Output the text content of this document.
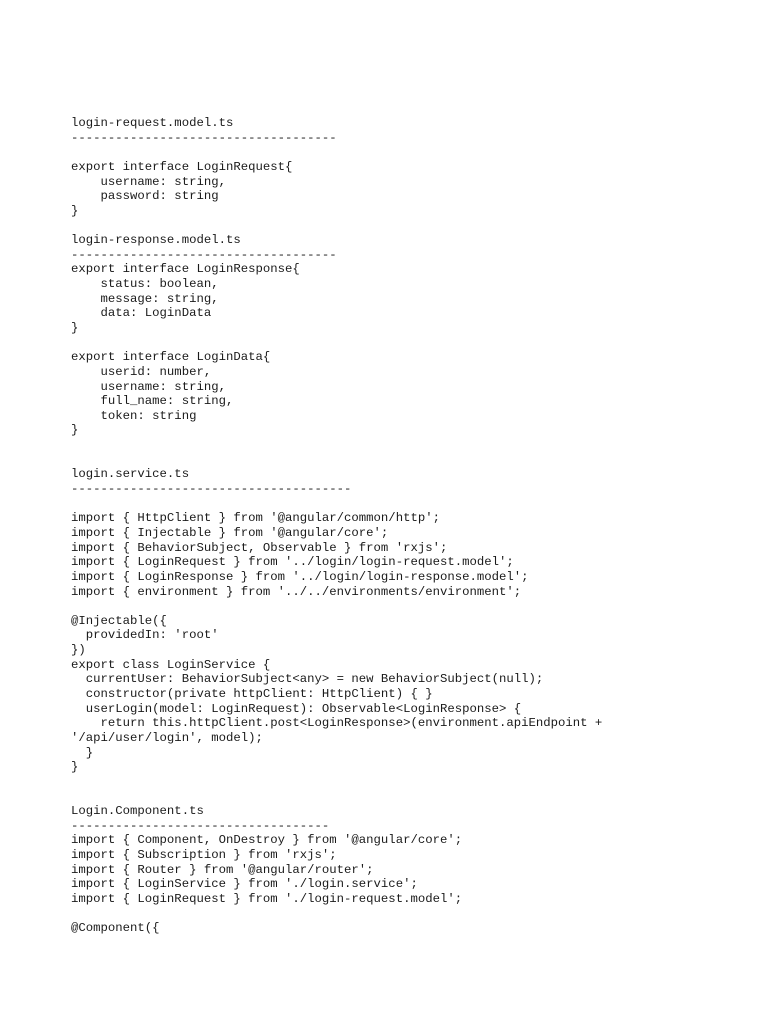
login-request.model.ts
------------------------------------
export interface LoginRequest{
username: string,
password: string
}
login-response.model.ts
------------------------------------
export interface LoginResponse{
status: boolean,
message: string,
data: LoginData
}
export interface LoginData{
userid: number,
username: string,
full_name: string,
token: string
}
login.service.ts
--------------------------------------
import { HttpClient } from '@angular/common/http';
import { Injectable } from '@angular/core';
import { BehaviorSubject, Observable } from 'rxjs';
import { LoginRequest } from '../login/login-request.model';
import { LoginResponse } from '../login/login-response.model';
import { environment } from '../../environments/environment';
@Injectable({
providedIn: 'root'
})
export class LoginService {
currentUser: BehaviorSubject<any> = new BehaviorSubject(null);
constructor(private httpClient: HttpClient) { }
userLogin(model: LoginRequest): Observable<LoginResponse> {
return this.httpClient.post<LoginResponse>(environment.apiEndpoint +
'/api/user/login', model);
}
}
Login.Component.ts
-----------------------------------
import { Component, OnDestroy } from '@angular/core';
import { Subscription } from 'rxjs';
import { Router } from '@angular/router';
import { LoginService } from './login.service';
import { LoginRequest } from './login-request.model';
@Component({
